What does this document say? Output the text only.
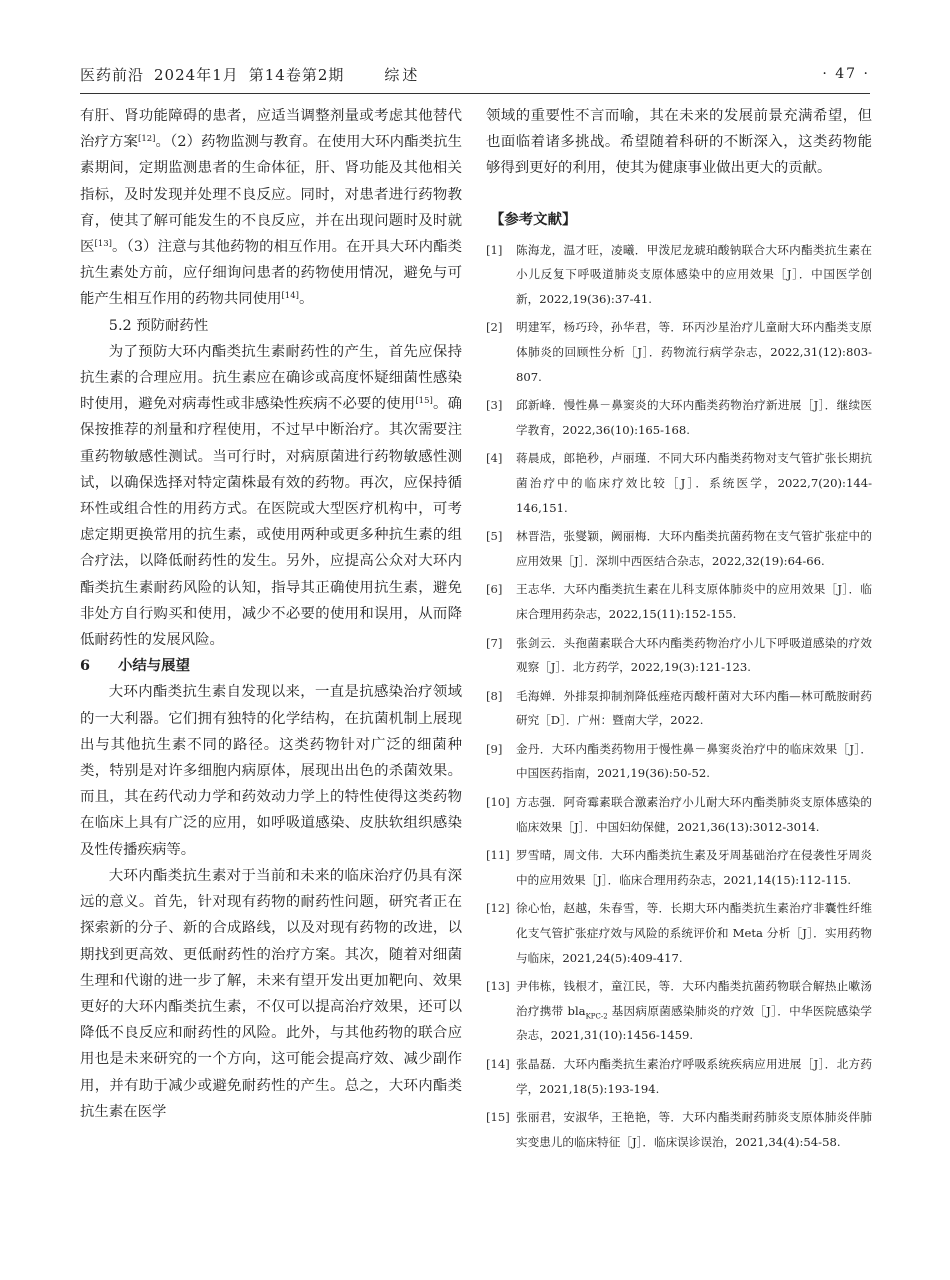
医药前沿 2024年1月 第14卷第2期	综述	· 47 ·

有肝、肾功能障碍的患者，应适当调整剂量或考虑其他替代治疗方案[12]。（2）药物监测与教育。在使用大环内酯类抗生素期间，定期监测患者的生命体征，肝、肾功能及其他相关指标，及时发现并处理不良反应。同时，对患者进行药物教育，使其了解可能发生的不良反应，并在出现问题时及时就医[13]。（3）注意与其他药物的相互作用。在开具大环内酯类抗生素处方前，应仔细询问患者的药物使用情况，避免与可能产生相互作用的药物共同使用[14]。

5.2 预防耐药性

为了预防大环内酯类抗生素耐药性的产生，首先应保持抗生素的合理应用。抗生素应在确诊或高度怀疑细菌性感染时使用，避免对病毒性或非感染性疾病不必要的使用[15]。确保按推荐的剂量和疗程使用，不过早中断治疗。其次需要注重药物敏感性测试。当可行时，对病原菌进行药物敏感性测试，以确保选择对特定菌株最有效的药物。再次，应保持循环性或组合性的用药方式。在医院或大型医疗机构中，可考虑定期更换常用的抗生素，或使用两种或更多种抗生素的组合疗法，以降低耐药性的发生。另外，应提高公众对大环内酯类抗生素耐药风险的认知，指导其正确使用抗生素，避免非处方自行购买和使用，减少不必要的使用和误用，从而降低耐药性的发展风险。

6 小结与展望

大环内酯类抗生素自发现以来，一直是抗感染治疗领域的一大利器。它们拥有独特的化学结构，在抗菌机制上展现出与其他抗生素不同的路径。这类药物针对广泛的细菌种类，特别是对许多细胞内病原体，展现出出色的杀菌效果。而且，其在药代动力学和药效动力学上的特性使得这类药物在临床上具有广泛的应用，如呼吸道感染、皮肤软组织感染及性传播疾病等。

大环内酯类抗生素对于当前和未来的临床治疗仍具有深远的意义。首先，针对现有药物的耐药性问题，研究者正在探索新的分子、新的合成路线，以及对现有药物的改进，以期找到更高效、更低耐药性的治疗方案。其次，随着对细菌生理和代谢的进一步了解，未来有望开发出更加靶向、效果更好的大环内酯类抗生素，不仅可以提高治疗效果，还可以降低不良反应和耐药性的风险。此外，与其他药物的联合应用也是未来研究的一个方向，这可能会提高疗效、减少副作用，并有助于减少或避免耐药性的产生。总之，大环内酯类抗生素在医学

领域的重要性不言而喻，其在未来的发展前景充满希望，但也面临着诸多挑战。希望随着科研的不断深入，这类药物能够得到更好的利用，使其为健康事业做出更大的贡献。

【参考文献】
[1]	陈海龙，温才旺，凌曦．甲泼尼龙琥珀酸钠联合大环内酯类抗生素在小儿反复下呼吸道肺炎支原体感染中的应用效果［J］．中国医学创新，2022,19(36):37-41.
[2]	明建军，杨巧玲，孙华君，等．环丙沙星治疗儿童耐大环内酯类支原体肺炎的回顾性分析［J］．药物流行病学杂志，2022,31(12):803-807.
[3]	邱新峰．慢性鼻－鼻窦炎的大环内酯类药物治疗新进展［J］．继续医学教育，2022,36(10):165-168.
[4]	蒋晨成，郎艳秒，卢丽瑾．不同大环内酯类药物对支气管扩张长期抗菌治疗中的临床疗效比较［J］．系统医学，2022,7(20):144-146,151.
[5]	林晋浩，张燮颖，阙丽梅．大环内酯类抗菌药物在支气管扩张症中的应用效果［J］．深圳中西医结合杂志，2022,32(19):64-66.
[6]	王志华．大环内酯类抗生素在儿科支原体肺炎中的应用效果［J］．临床合理用药杂志，2022,15(11):152-155.
[7]	张剑云．头孢菌素联合大环内酯类药物治疗小儿下呼吸道感染的疗效观察［J］．北方药学，2022,19(3):121-123.
[8]	毛海婵．外排泵抑制剂降低痤疮丙酸杆菌对大环内酯—林可酰胺耐药研究［D］．广州：暨南大学，2022.
[9]	金丹．大环内酯类药物用于慢性鼻－鼻窦炎治疗中的临床效果［J］．中国医药指南，2021,19(36):50-52.
[10] 方志强．阿奇霉素联合激素治疗小儿耐大环内酯类肺炎支原体感染的临床效果［J］．中国妇幼保健，2021,36(13):3012-3014.
[11] 罗雪晴，周文伟．大环内酯类抗生素及牙周基础治疗在侵袭性牙周炎中的应用效果［J］．临床合理用药杂志，2021,14(15):112-115.
[12] 徐心怡，赵越，朱春雪，等．长期大环内酯类抗生素治疗非囊性纤维化支气管扩张症疗效与风险的系统评价和 Meta 分析［J］．实用药物与临床，2021,24(5):409-417.
[13] 尹伟栋，钱根才，童江民，等．大环内酯类抗菌药物联合解热止嗽汤治疗携带 bla$_{KPC-2}$ 基因病原菌感染肺炎的疗效［J］．中华医院感染学杂志，2021,31(10):1456-1459.
[14] 张晶磊．大环内酯类抗生素治疗呼吸系统疾病应用进展［J］．北方药学，2021,18(5):193-194.
[15] 张丽君，安淑华，王艳艳，等．大环内酯类耐药肺炎支原体肺炎伴肺实变患儿的临床特征［J］．临床误诊误治，2021,34(4):54-58.
